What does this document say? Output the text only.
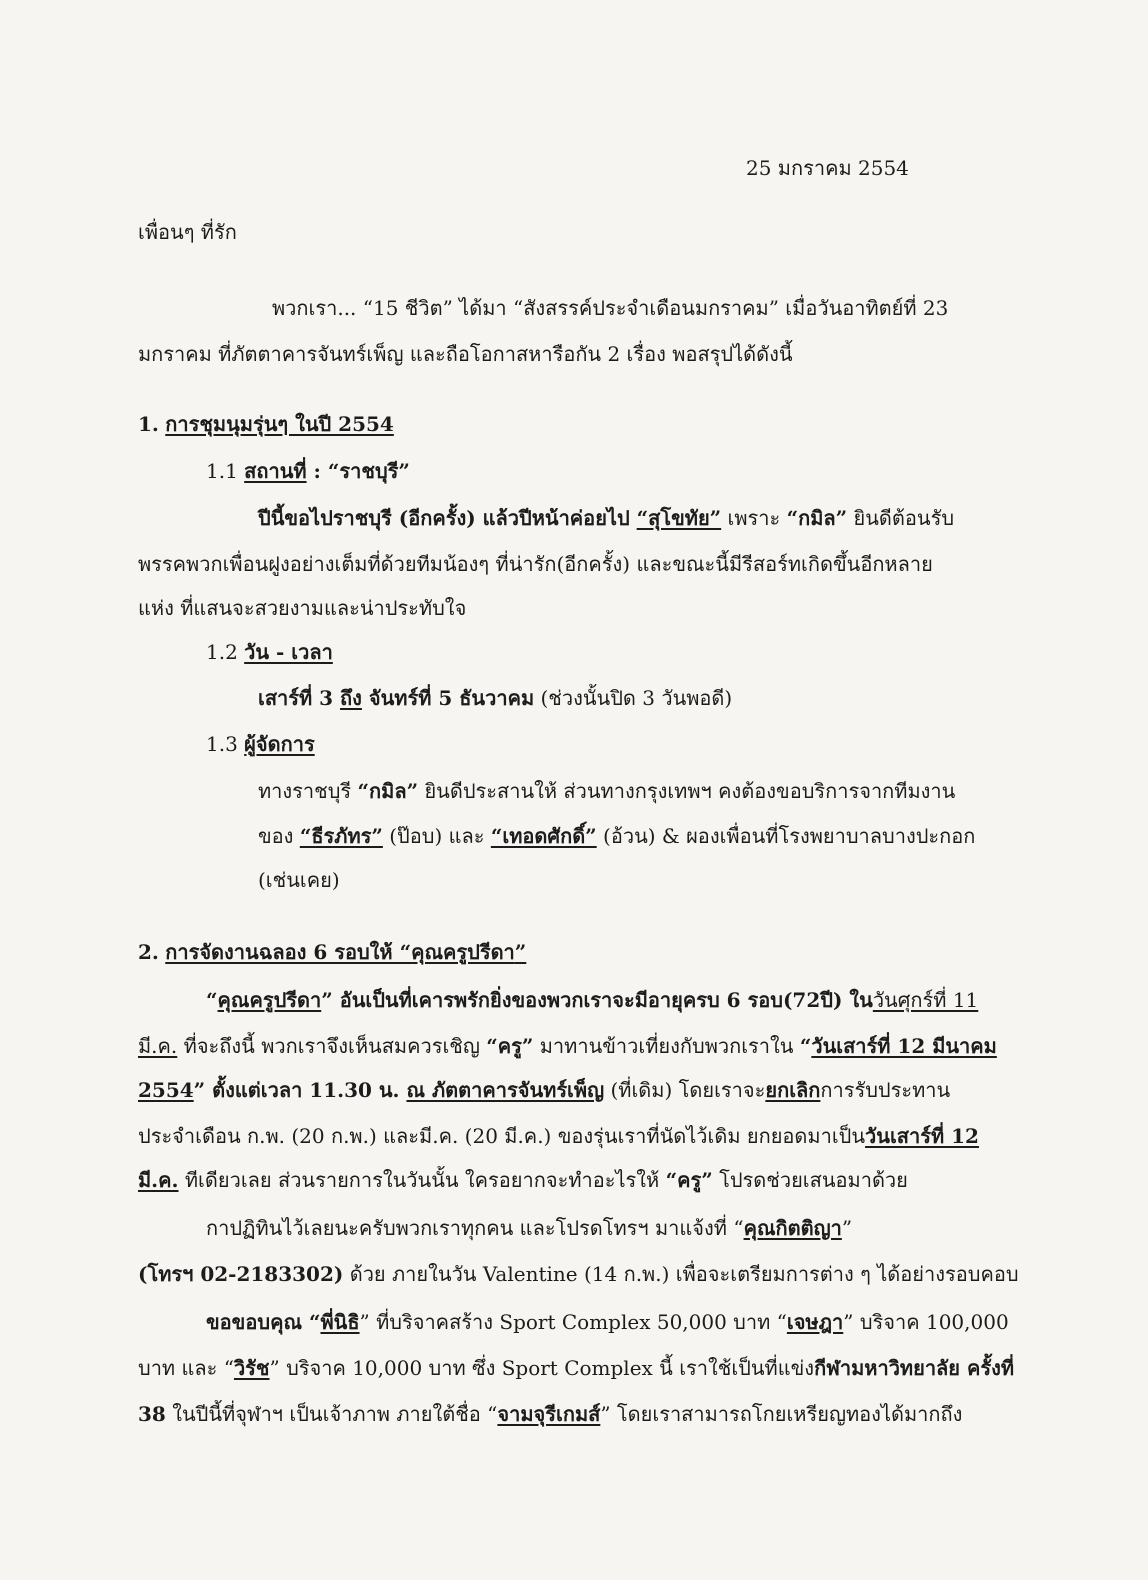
25 มกราคม 2554
เพื่อนๆ ที่รัก
พวกเรา... “15 ชีวิต” ได้มา “สังสรรค์ประจำเดือนมกราคม” เมื่อวันอาทิตย์ที่ 23
มกราคม ที่ภัตตาคารจันทร์เพ็ญ และถือโอกาสหารือกัน 2 เรื่อง พอสรุปได้ดังนี้
1. การชุมนุมรุ่นๆ ในปี 2554
1.1 สถานที่ : “ราชบุรี”
ปีนี้ขอไปราชบุรี (อีกครั้ง) แล้วปีหน้าค่อยไป “สุโขทัย” เพราะ “กมิล” ยินดีต้อนรับ
พรรคพวกเพื่อนฝูงอย่างเต็มที่ด้วยทีมน้องๆ ที่น่ารัก(อีกครั้ง) และขณะนี้มีรีสอร์ทเกิดขึ้นอีกหลาย
แห่ง ที่แสนจะสวยงามและน่าประทับใจ
1.2 วัน - เวลา
เสาร์ที่ 3 ถึง จันทร์ที่ 5 ธันวาคม (ช่วงนั้นปิด 3 วันพอดี)
1.3 ผู้จัดการ
ทางราชบุรี “กมิล” ยินดีประสานให้ ส่วนทางกรุงเทพฯ คงต้องขอบริการจากทีมงาน
ของ “ธีรภัทร” (ป๊อบ) และ “เทอดศักดิ์” (อ้วน) & ผองเพื่อนที่โรงพยาบาลบางปะกอก
(เช่นเคย)
2. การจัดงานฉลอง 6 รอบให้ “คุณครูปรีดา”
“คุณครูปรีดา” อันเป็นที่เคารพรักยิ่งของพวกเราจะมีอายุครบ 6 รอบ(72ปี) ในวันศุกร์ที่ 11
มี.ค. ที่จะถึงนี้ พวกเราจึงเห็นสมควรเชิญ “ครู” มาทานข้าวเที่ยงกับพวกเราใน “วันเสาร์ที่ 12 มีนาคม
2554” ตั้งแต่เวลา 11.30 น. ณ ภัตตาคารจันทร์เพ็ญ (ที่เดิม) โดยเราจะยกเลิกการรับประทาน
ประจำเดือน ก.พ. (20 ก.พ.) และมี.ค. (20 มี.ค.) ของรุ่นเราที่นัดไว้เดิม ยกยอดมาเป็นวันเสาร์ที่ 12
มี.ค. ทีเดียวเลย ส่วนรายการในวันนั้น ใครอยากจะทำอะไรให้ “ครู” โปรดช่วยเสนอมาด้วย
กาปฏิทินไว้เลยนะครับพวกเราทุกคน และโปรดโทรฯ มาแจ้งที่ “คุณกิตติญา”
(โทรฯ 02-2183302) ด้วย ภายในวัน Valentine (14 ก.พ.) เพื่อจะเตรียมการต่าง ๆ ได้อย่างรอบคอบ
ขอขอบคุณ “พี่นิธิ” ที่บริจาคสร้าง Sport Complex 50,000 บาท “เจษฎา” บริจาค 100,000
บาท และ “วิรัช” บริจาค 10,000 บาท ซึ่ง Sport Complex นี้ เราใช้เป็นที่แข่งกีฬามหาวิทยาลัย ครั้งที่
38 ในปีนี้ที่จุฬาฯ เป็นเจ้าภาพ ภายใต้ชื่อ “จามจุรีเกมส์” โดยเราสามารถโกยเหรียญทองได้มากถึง
